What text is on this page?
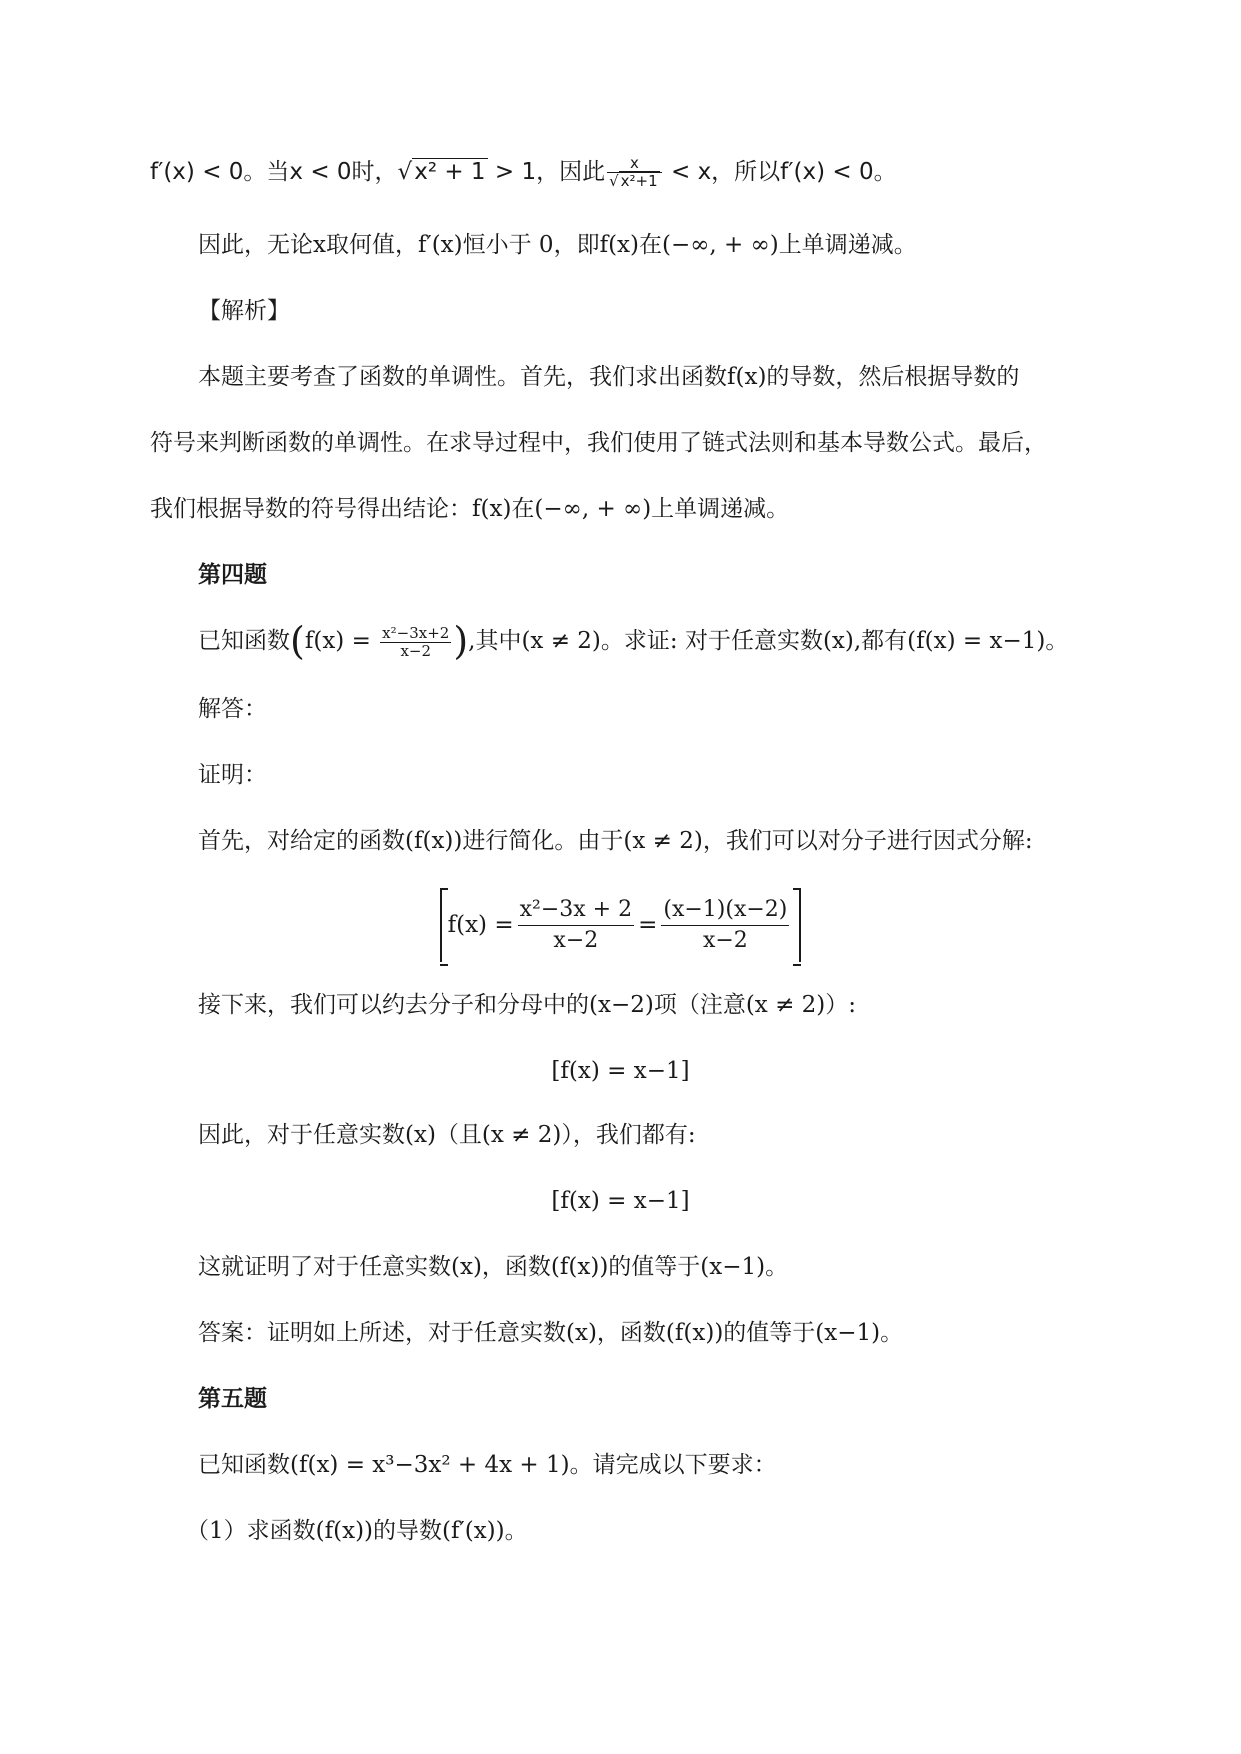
f′(x) < 0。当x < 0时，√x² + 1 > 1，因此 $\frac{x}{\text{√ x²+1}} < x$，所以f′(x) < 0。
因此，无论x取何值，f′(x)恒小于 0，即f(x)在(−∞, + ∞)上单调递减。
【解析】
本题主要考查了函数的单调性。首先，我们求出函数f(x)的导数，然后根据导数的
符号来判断函数的单调性。在求导过程中，我们使用了链式法则和基本导数公式。最后，
我们根据导数的符号得出结论：f(x)在(−∞, + ∞)上单调递减。
第四题
已知函数($f(x) = \frac{\text{x²−3x+2}}{x-2}$ ),其中(x ≠ 2)。求证: 对于任意实数(x),都有(f(x) = x−1)。
解答：
证明：
首先，对给定的函数(f(x))进行简化。由于(x ≠ 2)，我们可以对分子进行因式分解:
$f(x) = \frac{\text{x²−3x + 2}}{x-2} = \frac{(x-1)(x-2)}{x-2}$
接下来，我们可以约去分子和分母中的(x−2)项（注意(x ≠ 2)）:
[f(x) = x−1]
因此，对于任意实数(x)（且(x ≠ 2)），我们都有:
[f(x) = x−1]
这就证明了对于任意实数(x)，函数(f(x))的值等于(x−1)。
答案：证明如上所述，对于任意实数(x)，函数(f(x))的值等于(x−1)。
第五题
已知函数(f(x) = x³−3x² + 4x + 1)。请完成以下要求：
（1）求函数(f(x))的导数(f′(x))。
